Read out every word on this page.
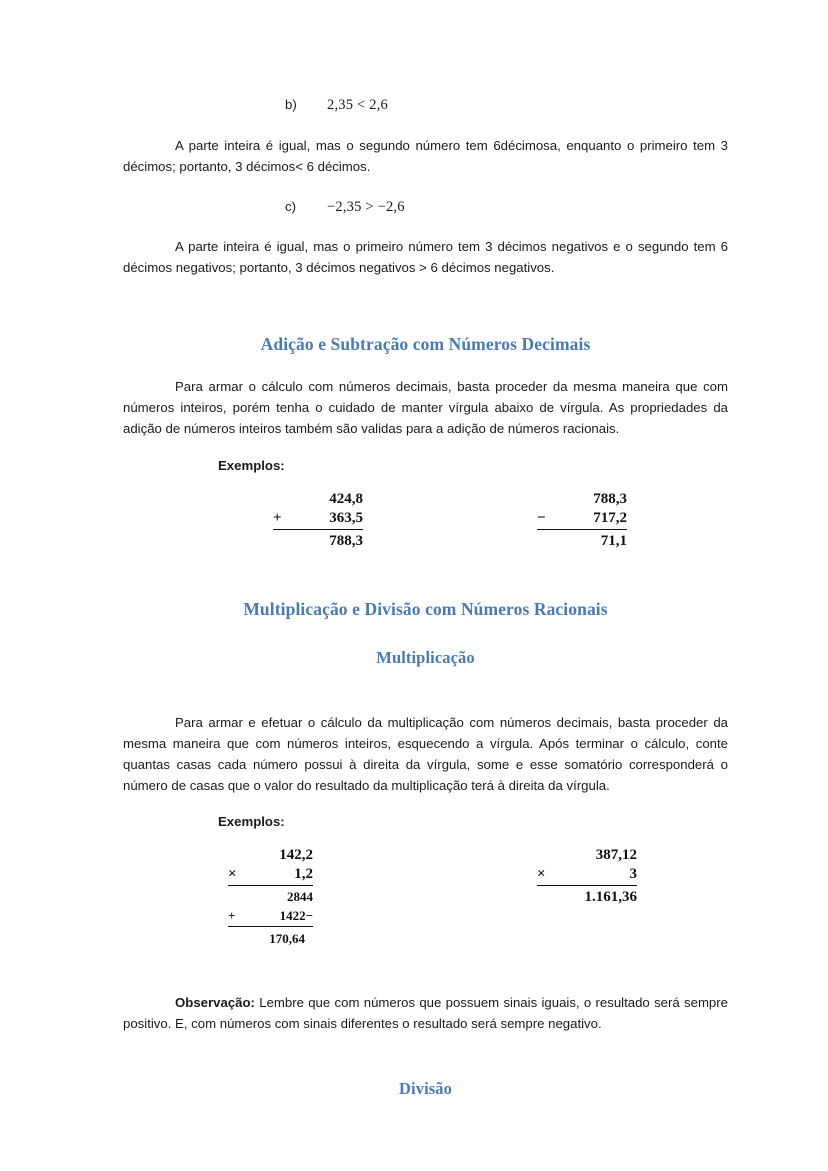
b)	2,35 < 2,6

A parte inteira é igual, mas o segundo número tem 6décimosa, enquanto o primeiro tem 3 décimos; portanto, 3 décimos< 6 décimos.

c)	−2,35 > −2,6

A parte inteira é igual, mas o primeiro número tem 3 décimos negativos e o segundo tem 6 décimos negativos; portanto, 3 décimos negativos > 6 décimos negativos.

Adição e Subtração com Números Decimais

Para armar o cálculo com números decimais, basta proceder da mesma maneira que com números inteiros, porém tenha o cuidado de manter vírgula abaixo de vírgula. As propriedades da adição de números inteiros também são validas para a adição de números racionais.

Exemplos:

424,8
+	363,5
788,3
788,3
−	717,2
71,1
Multiplicação e Divisão com Números Racionais
Multiplicação

Para armar e efetuar o cálculo da multiplicação com números decimais, basta proceder da mesma maneira que com números inteiros, esquecendo a vírgula. Após terminar o cálculo, conte quantas casas cada número possui à direita da vírgula, some e esse somatório corresponderá o número de casas que o valor do resultado da multiplicação terá à direita da vírgula.

Exemplos:

142,2
×	1,2
2844
+	1422−
170,64
387,12
×	3
1.161,36

Observação: Lembre que com números que possuem sinais iguais, o resultado será sempre positivo. E, com números com sinais diferentes o resultado será sempre negativo.

Divisão
